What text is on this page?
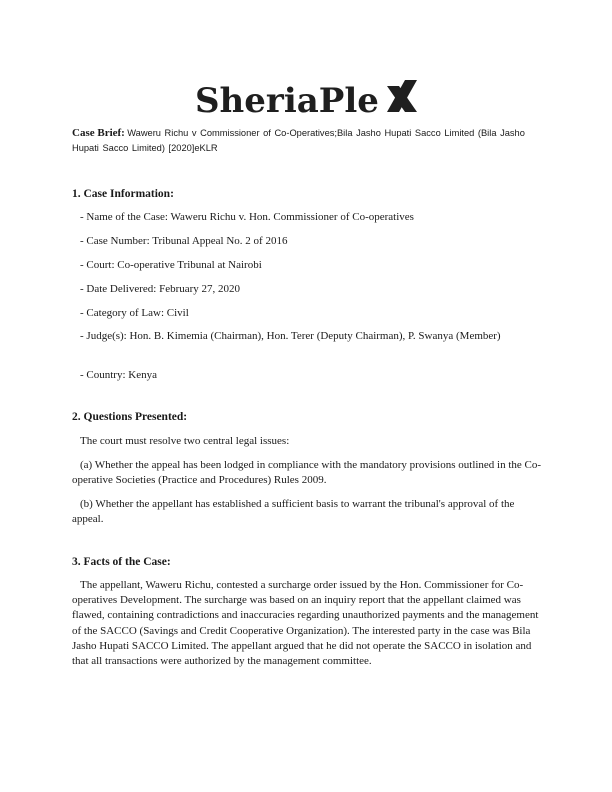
SheriaPle
Case Brief: Waweru Richu v Commissioner of Co-Operatives;Bila Jasho Hupati Sacco Limited (Bila Jasho Hupati Sacco Limited) [2020]eKLR
1. Case Information:
- Name of the Case: Waweru Richu v. Hon. Commissioner of Co-operatives
- Case Number: Tribunal Appeal No. 2 of 2016
- Court: Co-operative Tribunal at Nairobi
- Date Delivered: February 27, 2020
- Category of Law: Civil
- Judge(s): Hon. B. Kimemia (Chairman), Hon. Terer (Deputy Chairman), P. Swanya (Member)
- Country: Kenya
2. Questions Presented:
The court must resolve two central legal issues:
(a) Whether the appeal has been lodged in compliance with the mandatory provisions outlined in the Co-operative Societies (Practice and Procedures) Rules 2009.
(b) Whether the appellant has established a sufficient basis to warrant the tribunal's approval of the appeal.
3. Facts of the Case:
The appellant, Waweru Richu, contested a surcharge order issued by the Hon. Commissioner for Co-operatives Development. The surcharge was based on an inquiry report that the appellant claimed was flawed, containing contradictions and inaccuracies regarding unauthorized payments and the management of the SACCO (Savings and Credit Cooperative Organization). The interested party in the case was Bila Jasho Hupati SACCO Limited. The appellant argued that he did not operate the SACCO in isolation and that all transactions were authorized by the management committee.
